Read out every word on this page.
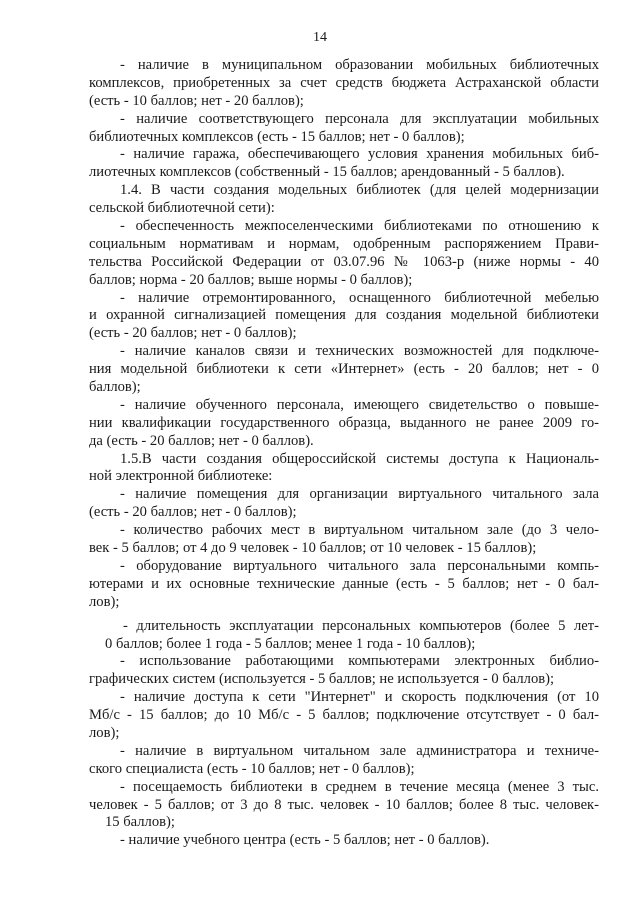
14
- наличие в муниципальном образовании мобильных библиотечных
комплексов, приобретенных за счет средств бюджета Астраханской области
(есть - 10 баллов; нет - 20 баллов);
- наличие соответствующего персонала для эксплуатации мобильных
библиотечных комплексов (есть - 15 баллов; нет - 0 баллов);
- наличие гаража, обеспечивающего условия хранения мобильных биб-
лиотечных комплексов (собственный - 15 баллов; арендованный - 5 баллов).
1.4. В части создания модельных библиотек (для целей модернизации
сельской библиотечной сети):
- обеспеченность межпоселенческими библиотеками по отношению к
социальным нормативам и нормам, одобренным распоряжением Прави-
тельства Российской Федерации от 03.07.96 № 1063-р (ниже нормы - 40
баллов; норма - 20 баллов; выше нормы - 0 баллов);
- наличие отремонтированного, оснащенного библиотечной мебелью
и охранной сигнализацией помещения для создания модельной библиотеки
(есть - 20 баллов; нет - 0 баллов);
- наличие каналов связи и технических возможностей для подключе-
ния модельной библиотеки к сети «Интернет» (есть - 20 баллов; нет - 0
баллов);
- наличие обученного персонала, имеющего свидетельство о повыше-
нии квалификации государственного образца, выданного не ранее 2009 го-
да (есть - 20 баллов; нет - 0 баллов).
1.5.В части создания общероссийской системы доступа к Националь-
ной электронной библиотеке:
- наличие помещения для организации виртуального читального зала
(есть - 20 баллов; нет - 0 баллов);
- количество рабочих мест в виртуальном читальном зале (до 3 чело-
век - 5 баллов; от 4 до 9 человек - 10 баллов; от 10 человек - 15 баллов);
- оборудование виртуального читального зала персональными компь-
ютерами и их основные технические данные (есть - 5 баллов; нет - 0 бал-
лов);
- длительность эксплуатации персональных компьютеров (более 5 лет-
0 баллов; более 1 года - 5 баллов; менее 1 года - 10 баллов);
- использование работающими компьютерами электронных библио-
графических систем (используется - 5 баллов; не используется - 0 баллов);
- наличие доступа к сети "Интернет" и скорость подключения (от 10
Мб/с - 15 баллов; до 10 Мб/с - 5 баллов; подключение отсутствует - 0 бал-
лов);
- наличие в виртуальном читальном зале администратора и техниче-
ского специалиста (есть - 10 баллов; нет - 0 баллов);
- посещаемость библиотеки в среднем в течение месяца (менее 3 тыс.
человек - 5 баллов; от 3 до 8 тыс. человек - 10 баллов; более 8 тыс. человек-
15 баллов);
- наличие учебного центра (есть - 5 баллов; нет - 0 баллов).
